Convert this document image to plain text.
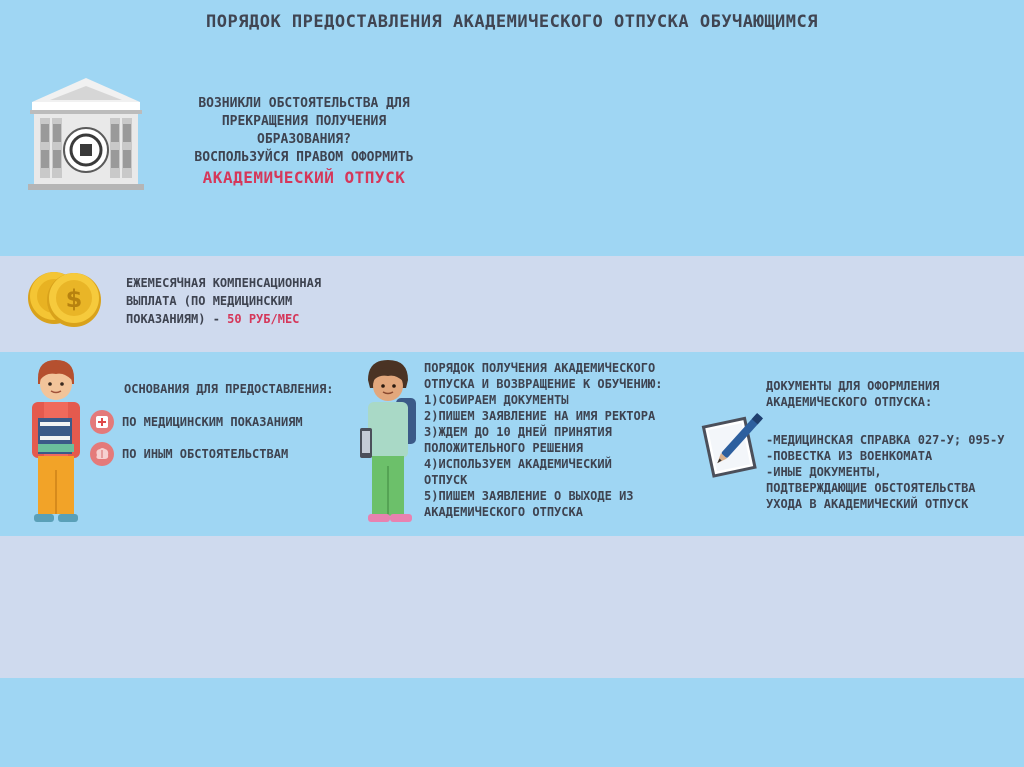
ПОРЯДОК ПРЕДОСТАВЛЕНИЯ АКАДЕМИЧЕСКОГО ОТПУСКА ОБУЧАЮЩИМСЯ
ВОЗНИКЛИ ОБСТОЯТЕЛЬСТВА ДЛЯ
ПРЕКРАЩЕНИЯ ПОЛУЧЕНИЯ
ОБРАЗОВАНИЯ?
ВОСПОЛЬЗУЙСЯ ПРАВОМ ОФОРМИТЬ
АКАДЕМИЧЕСКИЙ ОТПУСК
$
ЕЖЕМЕСЯЧНАЯ КОМПЕНСАЦИОННАЯ
ВЫПЛАТА (ПО МЕДИЦИНСКИМ
ПОКАЗАНИЯМ) - 50 РУБ/МЕС
ОСНОВАНИЯ ДЛЯ ПРЕДОСТАВЛЕНИЯ:
ПО МЕДИЦИНСКИМ ПОКАЗАНИЯМ
ПО ИНЫМ ОБСТОЯТЕЛЬСТВАМ
ПОРЯДОК ПОЛУЧЕНИЯ АКАДЕМИЧЕСКОГО
ОТПУСКА И ВОЗВРАЩЕНИЕ К ОБУЧЕНИЮ:
1)СОБИРАЕМ ДОКУМЕНТЫ
2)ПИШЕМ ЗАЯВЛЕНИЕ НА ИМЯ РЕКТОРА
3)ЖДЕМ ДО 10 ДНЕЙ ПРИНЯТИЯ
ПОЛОЖИТЕЛЬНОГО РЕШЕНИЯ
4)ИСПОЛЬЗУЕМ АКАДЕМИЧЕСКИЙ
ОТПУСК
5)ПИШЕМ ЗАЯВЛЕНИЕ О ВЫХОДЕ ИЗ
АКАДЕМИЧЕСКОГО ОТПУСКА
ДОКУМЕНТЫ ДЛЯ ОФОРМЛЕНИЯ
АКАДЕМИЧЕСКОГО ОТПУСКА:
-МЕДИЦИНСКАЯ СПРАВКА 027-У; 095-У
-ПОВЕСТКА ИЗ ВОЕНКОМАТА
-ИНЫЕ ДОКУМЕНТЫ,
ПОДТВЕРЖДАЮЩИЕ ОБСТОЯТЕЛЬСТВА
УХОДА В АКАДЕМИЧЕСКИЙ ОТПУСК
